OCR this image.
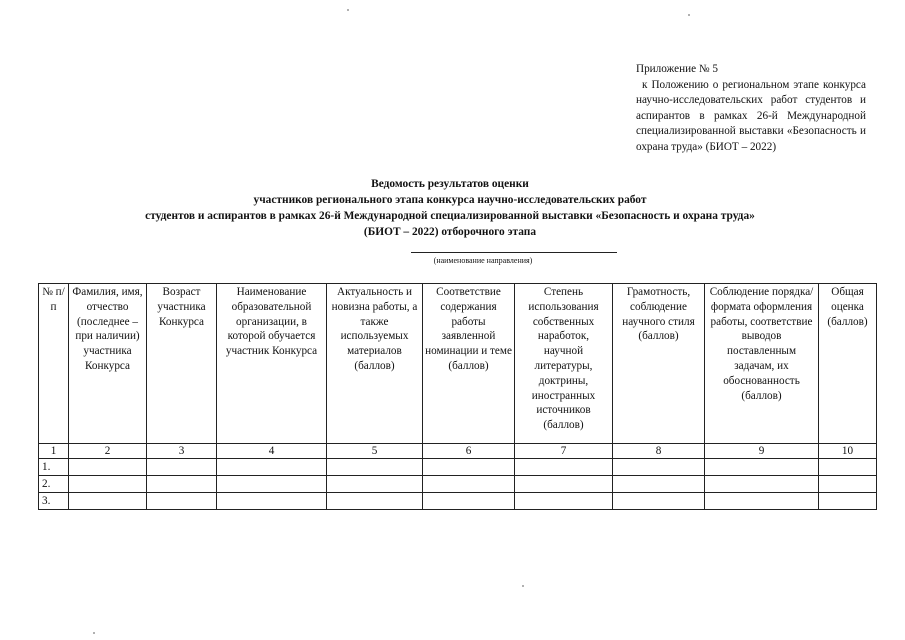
Приложение № 5
к Положению о региональном этапе конкурса научно-исследовательских работ студентов и аспирантов в рамках 26-й Международной специализированной выставки «Безопасность и охрана труда» (БИОТ – 2022)
Ведомость результатов оценки
участников регионального этапа конкурса научно-исследовательских работ
студентов и аспирантов в рамках 26-й Международной специализированной выставки «Безопасность и охрана труда»
(БИОТ – 2022) отборочного этапа
(наименование направления)
№ п/п	Фамилия, имя, отчество (последнее – при наличии) участника Конкурса	Возраст участника Конкурса	Наименование образовательной организации, в которой обучается участник Конкурса	Актуальность и новизна работы, а также используемых материалов (баллов)	Соответствие содержания работы заявленной номинации и теме (баллов)	Степень использования собственных наработок, научной литературы, доктрины, иностранных источников (баллов)	Грамотность, соблюдение научного стиля (баллов)	Соблюдение порядка/формата оформления работы, соответствие выводов поставленным задачам, их обоснованность (баллов)	Общая оценка (баллов)
1	2	3	4	5	6	7	8	9	10
1.									
2.									
3.									
